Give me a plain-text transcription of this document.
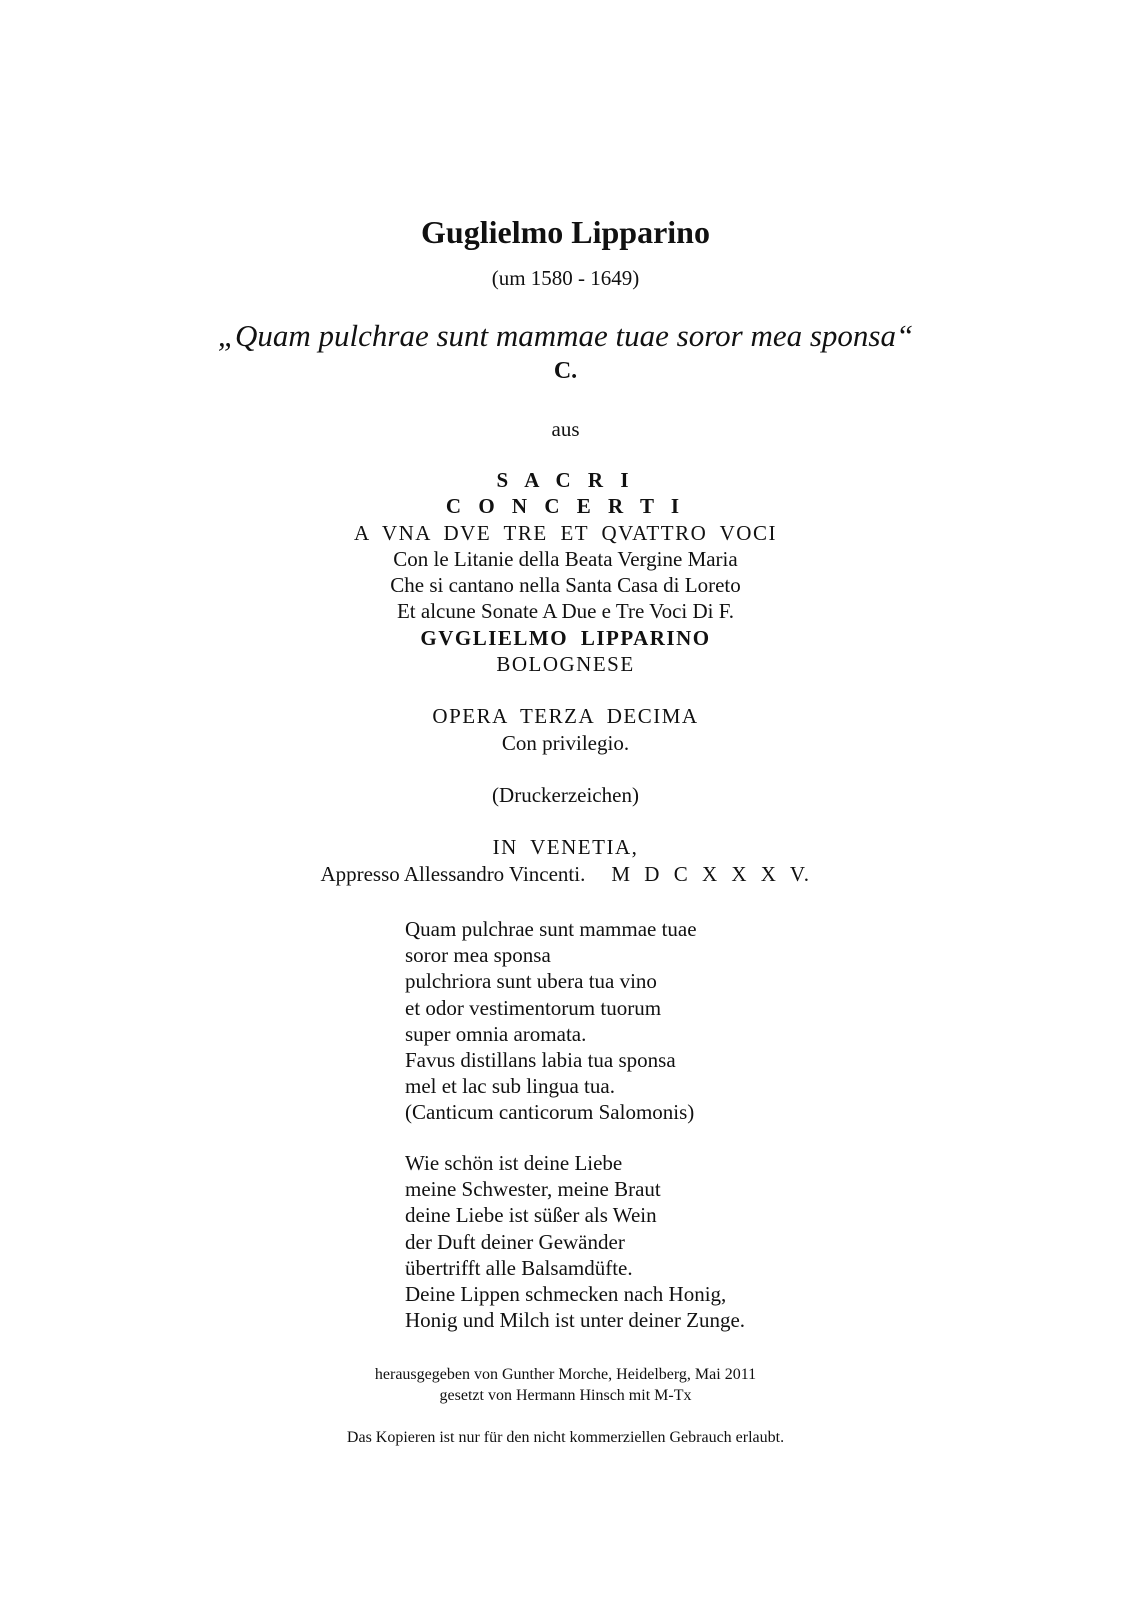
Guglielmo Lipparino
(um 1580 - 1649)
„Quam pulchrae sunt mammae tuae soror mea sponsa“
C.
aus
S A C R I
C O N C E R T I
A VNA DVE TRE ET QVATTRO VOCI
Con le Litanie della Beata Vergine Maria
Che si cantano nella Santa Casa di Loreto
Et alcune Sonate A Due e Tre Voci Di F.
GVGLIELMO LIPPARINO
BOLOGNESE
OPERA TERZA DECIMA
Con privilegio.
(Druckerzeichen)
IN VENETIA,
Appresso Allessandro Vincenti. M D C X X X V.
Quam pulchrae sunt mammae tuae
soror mea sponsa
pulchriora sunt ubera tua vino
et odor vestimentorum tuorum
super omnia aromata.
Favus distillans labia tua sponsa
mel et lac sub lingua tua.
(Canticum canticorum Salomonis)
Wie schön ist deine Liebe
meine Schwester, meine Braut
deine Liebe ist süßer als Wein
der Duft deiner Gewänder
übertrifft alle Balsamdüfte.
Deine Lippen schmecken nach Honig,
Honig und Milch ist unter deiner Zunge.
herausgegeben von Gunther Morche, Heidelberg, Mai 2011
gesetzt von Hermann Hinsch mit M-Tx
Das Kopieren ist nur für den nicht kommerziellen Gebrauch erlaubt.
